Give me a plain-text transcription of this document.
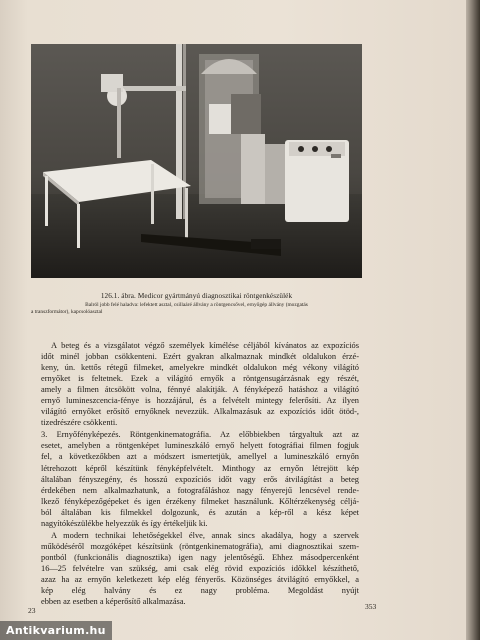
126.1. ábra. Medicor gyártmányú diagnosztikai röntgenkészülék
Balról jobb felé haladva: lefektett asztal, csillaáré állvány a röntgencsővel, ernyőgép állvány (mozgatás
a transzformátor), kapcsolóasztal
A beteg és a vizsgálatot végző személyek kímélése céljából kívánatos az expozíciós
időt minél jobban csökkenteni. Ezért gyakran alkalmaznak mindkét oldalukon érzé-
keny, ún. kettős rétegű filmeket, amelyekre mindkét oldalukon még vékony világító
ernyőket is feltetnek. Ezek a világító ernyők a röntgensugárzásnak egy részét,
amely a filmen átcsökött volna, fénnyé alakítják. A fényképező hatáshoz a világító
ernyő lumineszcencia-fénye is hozzájárul, és a felvételt mintegy felerősíti. Az ilyen
világító ernyőket erősítő ernyőknek nevezzük. Alkalmazásuk az expozíciós időt ötöd-,
tizedrészére csökkenti.
3. Ernyőfényképezés. Röntgenkinematográfia. Az előbbiekben tárgyaltuk azt az
esetet, amelyben a röntgenképet lumineszkáló ernyő helyett fotográfiai filmen fogjuk
fel, a következőkben azt a módszert ismertetjük, amellyel a lumineszkáló ernyőn
létrehozott képről készítünk fényképfelvételt. Minthogy az ernyőn létrejött kép
általában fényszegény, és hosszú expozíciós időt vagy erős átvilágítást a beteg
érdekében nem alkalmazhatunk, a fotografáláshoz nagy fényerejű lencsével rende-
lkező fényképezőgépeket és igen érzékeny filmeket használunk. Kőltérzékenység céljá-
ból általában kis filmekkel dolgozunk, és azután a kép-ről a kész képet
nagyítókészülékbe helyezzük és így értékeljük ki.
A modern technikai lehetőségekkel élve, annak sincs akadálya, hogy a szervek
működéséről mozgóképet készítsünk (röntgenkinematográfia), ami diagnosztikai szem-
pontból (funkcionális diagnosztika) igen nagy jelentőségű. Ehhez másodpercenként
16—25 felvételre van szükség, ami csak elég rövid expozíciós időkkel készíthető,
azaz ha az ernyőn keletkezett kép elég fényerős. Közönséges átvilágító ernyőkkel, a
kép elég halvány és ez nagy probléma. Megoldást nyújt
ebben az esetben a képerősítő alkalmazása.
23	353
Antikvarium.hu
